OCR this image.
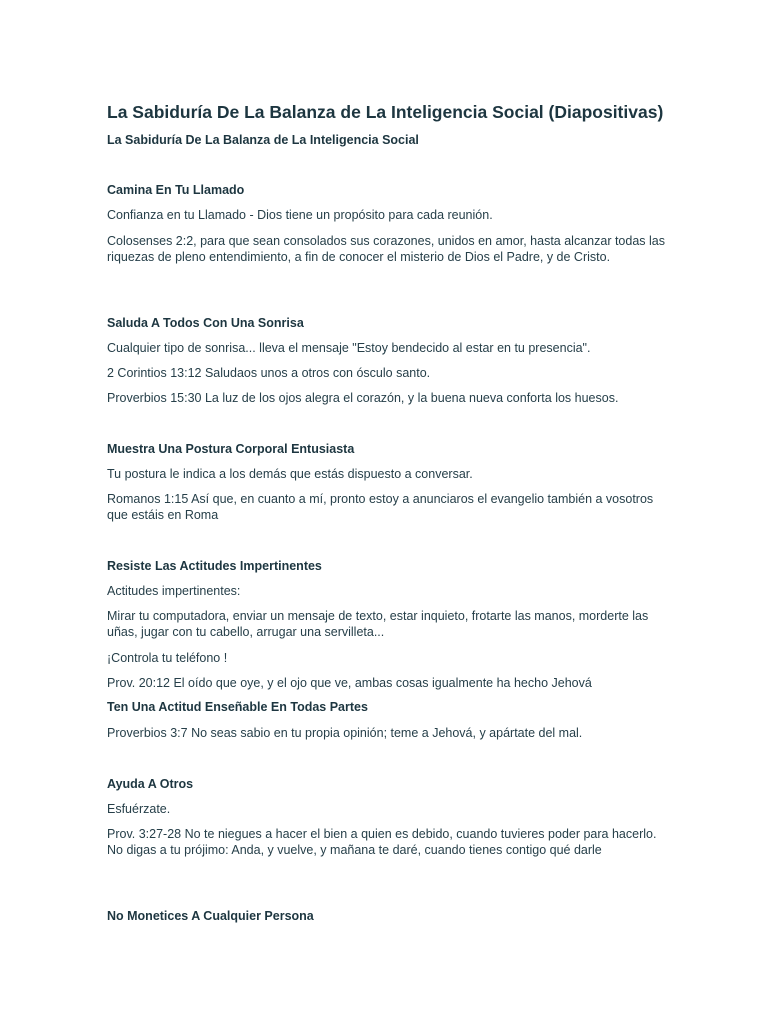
La Sabiduría De La Balanza de La Inteligencia Social (Diapositivas)
La Sabiduría De La Balanza de La Inteligencia Social
Camina En Tu Llamado

Confianza en tu Llamado - Dios tiene un propósito para cada reunión.

Colosenses 2:2, para que sean consolados sus corazones, unidos en amor, hasta alcanzar todas las riquezas de pleno entendimiento, a fin de conocer el misterio de Dios el Padre, y de Cristo.

Saluda A Todos Con Una Sonrisa

Cualquier tipo de sonrisa... lleva el mensaje "Estoy bendecido al estar en tu presencia".

2 Corintios 13:12 Saludaos unos a otros con ósculo santo.

Proverbios 15:30 La luz de los ojos alegra el corazón, y la buena nueva conforta los huesos.

Muestra Una Postura Corporal Entusiasta

Tu postura le indica a los demás que estás dispuesto a conversar.

Romanos 1:15 Así que, en cuanto a mí, pronto estoy a anunciaros el evangelio también a vosotros que estáis en Roma

Resiste Las Actitudes Impertinentes

Actitudes impertinentes:

Mirar tu computadora, enviar un mensaje de texto, estar inquieto, frotarte las manos, morderte las uñas, jugar con tu cabello, arrugar una servilleta...

¡Controla tu teléfono !

Prov. 20:12 El oído que oye, y el ojo que ve, ambas cosas igualmente ha hecho Jehová

Ten Una Actitud Enseñable En Todas Partes

Proverbios 3:7 No seas sabio en tu propia opinión; teme a Jehová, y apártate del mal.

Ayuda A Otros

Esfuérzate.

Prov. 3:27-28 No te niegues a hacer el bien a quien es debido, cuando tuvieres poder para hacerlo. No digas a tu prójimo: Anda, y vuelve, y mañana te daré, cuando tienes contigo qué darle

No Monetices A Cualquier Persona
